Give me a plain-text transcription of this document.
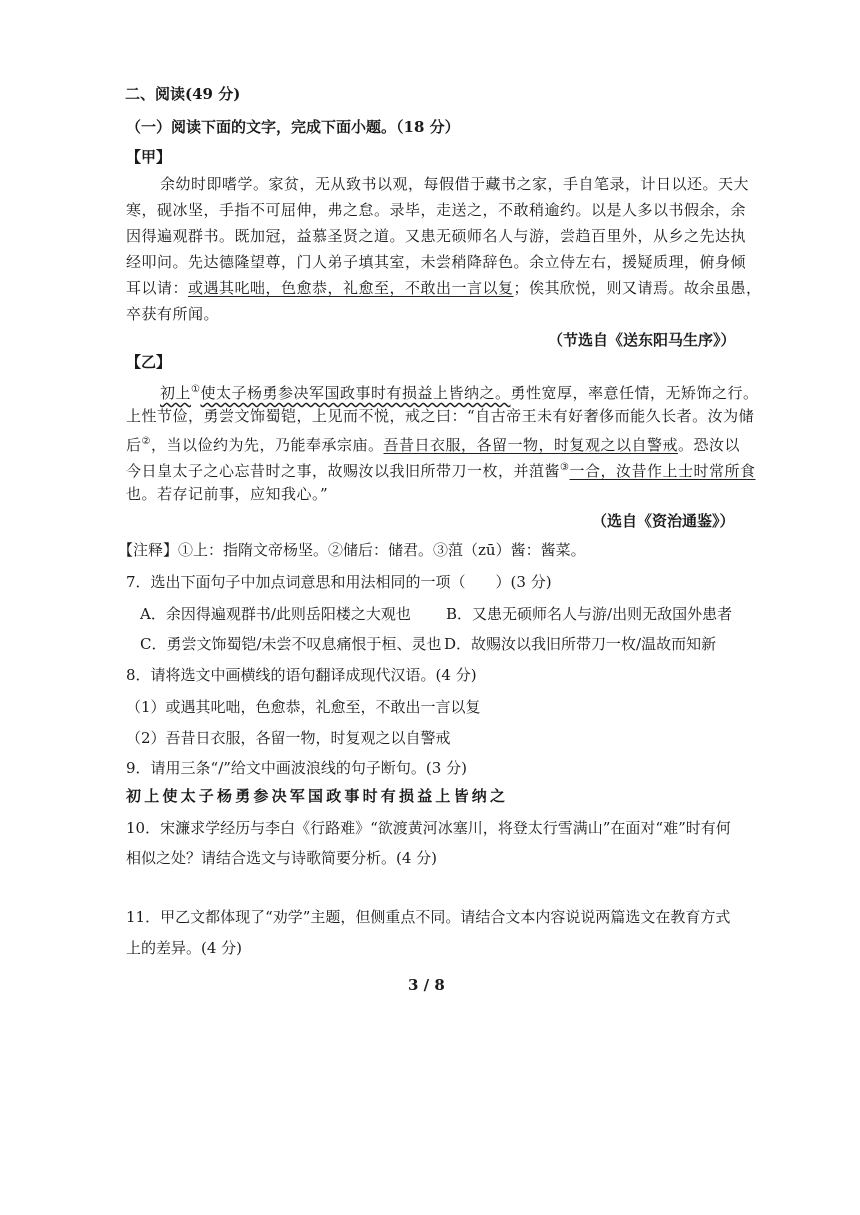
二、阅读(49 分)
（一）阅读下面的文字，完成下面小题。（18 分）
【甲】
余幼时即嗜学。家贫，无从致书以观，每假借于藏书之家，手自笔录，计日以还。天大
寒，砚冰坚，手指不可屈伸，弗之怠。录毕，走送之，不敢稍逾约。以是人多以书假余，余
因得遍观群书。既加冠，益慕圣贤之道。又患无硕师名人与游，尝趋百里外，从乡之先达执
经叩问。先达德隆望尊，门人弟子填其室，未尝稍降辞色。余立侍左右，援疑质理，俯身倾
耳以请：或遇其叱咄，色愈恭，礼愈至，不敢出一言以复；俟其欣悦，则又请焉。故余虽愚，
卒获有所闻。
（节选自《送东阳马生序》）
【乙】
初上①使太子杨勇参决军国政事时有损益上皆纳之。勇性宽厚，率意任情，无矫饰之行。
上性节俭，勇尝文饰蜀铠，上见而不悦，戒之曰：“自古帝王未有好奢侈而能久长者。汝为储
后②，当以俭约为先，乃能奉承宗庙。吾昔日衣服，各留一物，时复观之以自警戒。恐汝以
今日皇太子之心忘昔时之事，故赐汝以我旧所带刀一枚，并菹酱③一合，汝昔作上士时常所食
也。若存记前事，应知我心。”
（选自《资治通鉴》）
【注释】①上：指隋文帝杨坚。②储后：储君。③菹（zū）酱：酱菜。
7．选出下面句子中加点词意思和用法相同的一项（　　）(3 分)
A．余因得遍观群书/此则岳阳楼之大观也 B．又患无硕师名人与游/出则无敌国外患者
C．勇尝文饰蜀铠/未尝不叹息痛恨于桓、灵也 D．故赐汝以我旧所带刀一枚/温故而知新
8．请将选文中画横线的语句翻译成现代汉语。(4 分)
（1）或遇其叱咄，色愈恭，礼愈至，不敢出一言以复
（2）吾昔日衣服，各留一物，时复观之以自警戒
9．请用三条“/”给文中画波浪线的句子断句。(3 分)
初上使太子杨勇参决军国政事时有损益上皆纳之
10．宋濂求学经历与李白《行路难》“欲渡黄河冰塞川，将登太行雪满山”在面对“难”时有何
相似之处？请结合选文与诗歌简要分析。(4 分)
11．甲乙文都体现了“劝学”主题，但侧重点不同。请结合文本内容说说两篇选文在教育方式
上的差异。(4 分)
3 / 8
